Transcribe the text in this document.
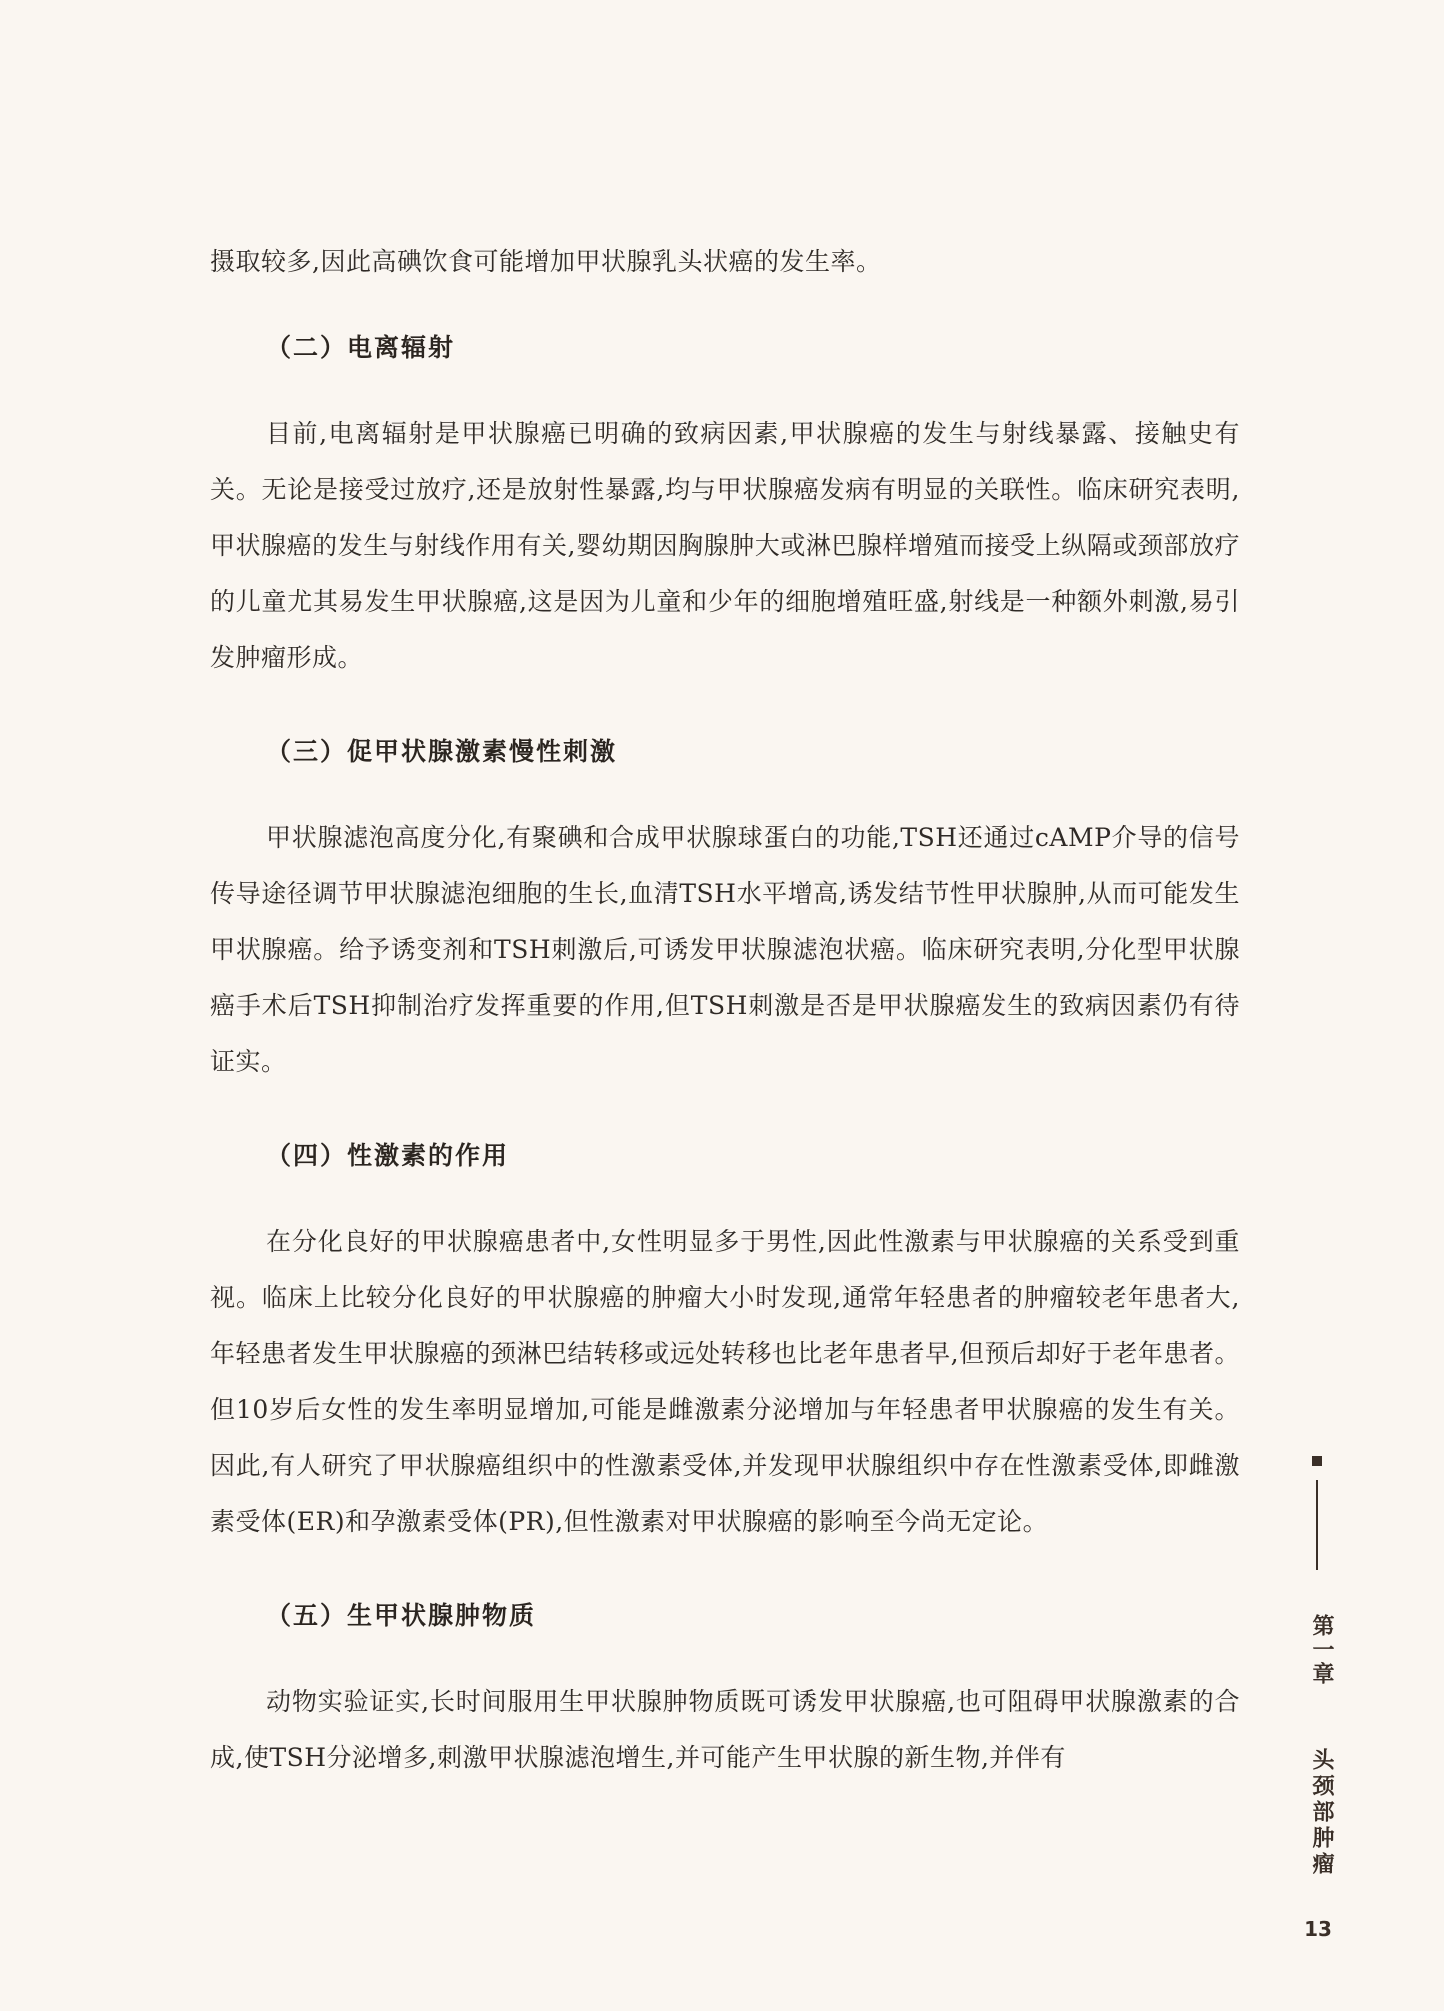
摄取较多,因此高碘饮食可能增加甲状腺乳头状癌的发生率。

（二）电离辐射

目前,电离辐射是甲状腺癌已明确的致病因素,甲状腺癌的发生与射线暴露、接触史有关。无论是接受过放疗,还是放射性暴露,均与甲状腺癌发病有明显的关联性。临床研究表明,甲状腺癌的发生与射线作用有关,婴幼期因胸腺肿大或淋巴腺样增殖而接受上纵隔或颈部放疗的儿童尤其易发生甲状腺癌,这是因为儿童和少年的细胞增殖旺盛,射线是一种额外刺激,易引发肿瘤形成。

（三）促甲状腺激素慢性刺激

甲状腺滤泡高度分化,有聚碘和合成甲状腺球蛋白的功能,TSH还通过cAMP介导的信号传导途径调节甲状腺滤泡细胞的生长,血清TSH水平增高,诱发结节性甲状腺肿,从而可能发生甲状腺癌。给予诱变剂和TSH刺激后,可诱发甲状腺滤泡状癌。临床研究表明,分化型甲状腺癌手术后TSH抑制治疗发挥重要的作用,但TSH刺激是否是甲状腺癌发生的致病因素仍有待证实。

（四）性激素的作用

在分化良好的甲状腺癌患者中,女性明显多于男性,因此性激素与甲状腺癌的关系受到重视。临床上比较分化良好的甲状腺癌的肿瘤大小时发现,通常年轻患者的肿瘤较老年患者大,年轻患者发生甲状腺癌的颈淋巴结转移或远处转移也比老年患者早,但预后却好于老年患者。但10岁后女性的发生率明显增加,可能是雌激素分泌增加与年轻患者甲状腺癌的发生有关。因此,有人研究了甲状腺癌组织中的性激素受体,并发现甲状腺组织中存在性激素受体,即雌激素受体(ER)和孕激素受体(PR),但性激素对甲状腺癌的影响至今尚无定论。

（五）生甲状腺肿物质

动物实验证实,长时间服用生甲状腺肿物质既可诱发甲状腺癌,也可阻碍甲状腺激素的合成,使TSH分泌增多,刺激甲状腺滤泡增生,并可能产生甲状腺的新生物,并伴有

第一章
头颈部肿瘤
13
